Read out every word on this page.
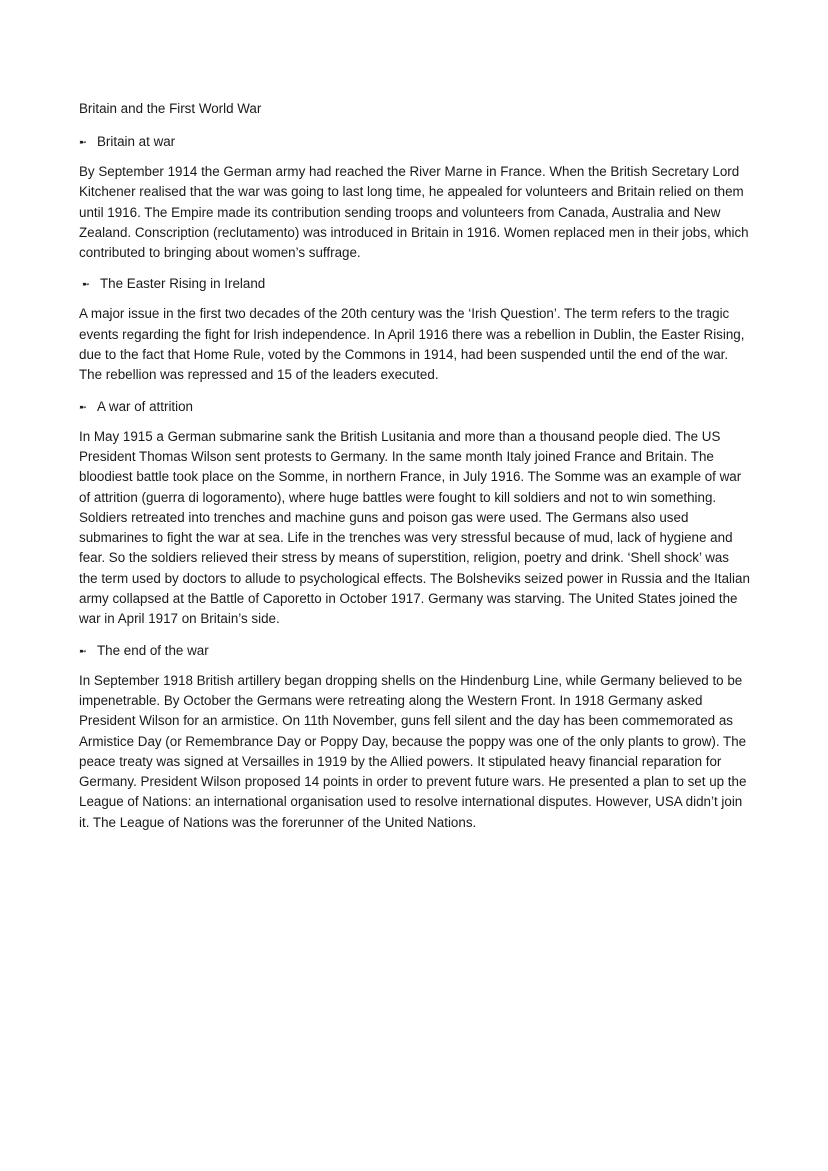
Britain and the First World War
➼ Britain at war

By September 1914 the German army had reached the River Marne in France. When the British Secretary Lord Kitchener realised that the war was going to last long time, he appealed for volunteers and Britain relied on them until 1916. The Empire made its contribution sending troops and volunteers from Canada, Australia and New Zealand. Conscription (reclutamento) was introduced in Britain in 1916. Women replaced men in their jobs, which contributed to bringing about women’s suffrage.

➼ The Easter Rising in Ireland

A major issue in the first two decades of the 20th century was the ‘Irish Question’. The term refers to the tragic events regarding the fight for Irish independence. In April 1916 there was a rebellion in Dublin, the Easter Rising, due to the fact that Home Rule, voted by the Commons in 1914, had been suspended until the end of the war. The rebellion was repressed and 15 of the leaders executed.

➼ A war of attrition

In May 1915 a German submarine sank the British Lusitania and more than a thousand people died. The US President Thomas Wilson sent protests to Germany. In the same month Italy joined France and Britain. The bloodiest battle took place on the Somme, in northern France, in July 1916. The Somme was an example of war of attrition (guerra di logoramento), where huge battles were fought to kill soldiers and not to win something. Soldiers retreated into trenches and machine guns and poison gas were used. The Germans also used submarines to fight the war at sea. Life in the trenches was very stressful because of mud, lack of hygiene and fear. So the soldiers relieved their stress by means of superstition, religion, poetry and drink. ‘Shell shock’ was the term used by doctors to allude to psychological effects. The Bolsheviks seized power in Russia and the Italian army collapsed at the Battle of Caporetto in October 1917. Germany was starving. The United States joined the war in April 1917 on Britain’s side.

➼ The end of the war

In September 1918 British artillery began dropping shells on the Hindenburg Line, while Germany believed to be impenetrable. By October the Germans were retreating along the Western Front. In 1918 Germany asked President Wilson for an armistice. On 11th November, guns fell silent and the day has been commemorated as Armistice Day (or Remembrance Day or Poppy Day, because the poppy was one of the only plants to grow). The peace treaty was signed at Versailles in 1919 by the Allied powers. It stipulated heavy financial reparation for Germany. President Wilson proposed 14 points in order to prevent future wars. He presented a plan to set up the League of Nations: an international organisation used to resolve international disputes. However, USA didn’t join it. The League of Nations was the forerunner of the United Nations.
